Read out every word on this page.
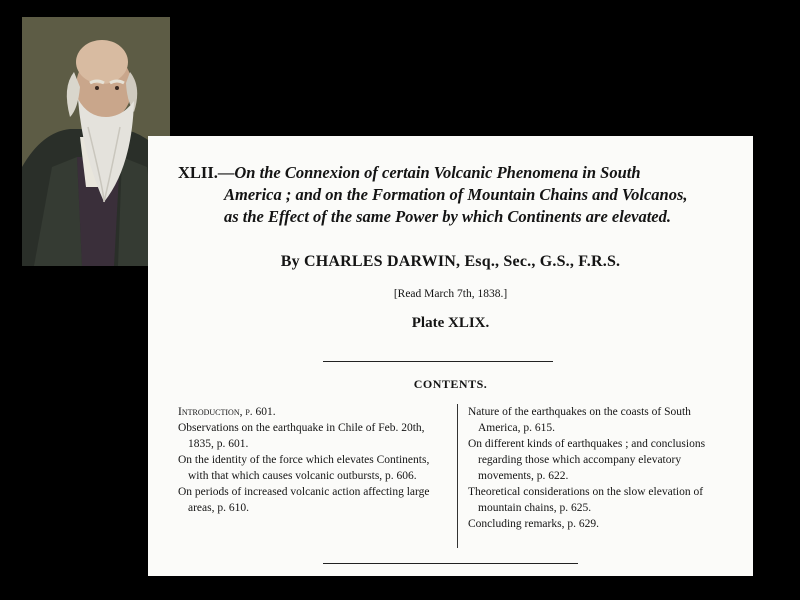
XLII.—On the Connexion of certain Volcanic Phenomena in South
America ; and on the Formation of Mountain Chains and Volcanos,
as the Effect of the same Power by which Continents are elevated.
By CHARLES DARWIN, Esq., Sec., G.S., F.R.S.
[Read March 7th, 1838.]
Plate XLIX.
CONTENTS.

Introduction, p. 601.

Observations on the earthquake in Chile of Feb. 20th, 1835, p. 601.

On the identity of the force which elevates Continents, with that which causes volcanic outbursts, p. 606.

On periods of increased volcanic action affecting large areas, p. 610.

Nature of the earthquakes on the coasts of South America, p. 615.

On different kinds of earthquakes ; and conclusions regarding those which accompany elevatory movements, p. 622.

Theoretical considerations on the slow elevation of mountain chains, p. 625.

Concluding remarks, p. 629.
